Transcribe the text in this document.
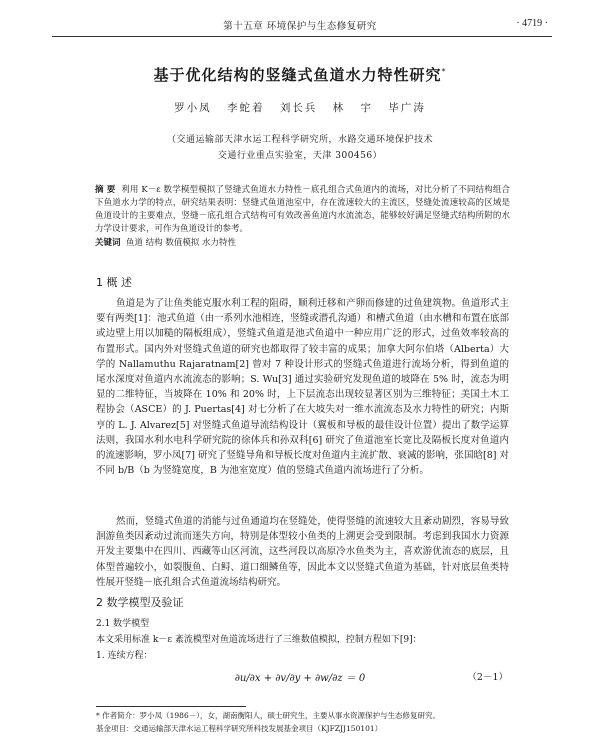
第十五章 环境保护与生态修复研究	· 4719 ·
基于优化结构的竖缝式鱼道水力特性研究*
罗小凤 李蛇着 刘长兵 林 宇 毕广涛
（交通运输部天津水运工程科学研究所，水路交通环境保护技术
交通行业重点实验室，天津 300456）
摘 要 利用 K－ε 数学模型模拟了竖缝式鱼道水力特性－底孔组合式鱼道内的流场，对比分析了不同结构组合下鱼道水力学的特点，研究结果表明：竖缝式鱼道池室中，存在流速较大的主流区，竖缝处流速较高的区域是鱼道设计的主要难点，竖缝－底孔组合式结构可有效改善鱼道内水流流态，能够较好满足竖缝式结构所附的水力学设计要求，可作为鱼道设计的参考。
关键词 鱼道 结构 数值模拟 水力特性
1 概 述
鱼道是为了让鱼类能克服水利工程的阻碍，顺利迁移和产卵而修建的过鱼建筑物。鱼道形式主要有两类[1]：池式鱼道（由一系列水池相连，竖缝或潜孔沟通）和槽式鱼道（由水槽和布置在底部或边壁上用以加糙的隔板组成），竖缝式鱼道是池式鱼道中一种应用广泛的形式，过鱼效率较高的布置形式。国内外对竖缝式鱼道的研究也都取得了较丰富的成果；加拿大阿尔伯塔（Alberta）大学的 Nallamuthu Rajaratnam[2] 曾对 7 种设计形式的竖缝式鱼道进行流场分析，得到鱼道的尾水深度对鱼道内水流流态的影响；S. Wu[3] 通过实验研究发现鱼道的坡降在 5% 时，流态为明显的二维特征，当坡降在 10% 和 20% 时，上下层流态出现较显著区别为三维特征；美国土木工程协会（ASCE）的 J. Puertas[4] 对七分析了在大坡失对一维水流流态及水力特性的研究；内斯亨的 L. J. Alvarez[5] 对竖缝式鱼道导流结构设计（翼板和导板的最佳设计位置）提出了数学运算法则，我国水利水电科学研究院的徐体兵和孙双科[6] 研究了鱼道池室长宽比及隔板长度对鱼道内的流速影响，罗小凤[7] 研究了竖缝导角和导板长度对鱼道内主流扩散、衰减的影响，张国晗[8] 对不同 b/B（b 为竖缝宽度，B 为池室宽度）值的竖缝式鱼道内流场进行了分析。
然而，竖缝式鱼道的消能与过鱼通道均在竖缝处，使得竖缝的流速较大且紊动剧烈，容易导致洄游鱼类因紊动过流而迷失方向，特别是体型较小鱼类的上溯更会受到限制。考虑到我国水力资源开发主要集中在四川、西藏等山区河流，这些河段以高原冷水鱼类为主，喜欢游优流态的底层，且体型普遍较小，如裂腹鱼、白鲟、道口细鳞鱼等，因此本文以竖缝式鱼道为基础，针对底层鱼类特性展开竖缝－底孔组合式鱼道流场结构研究。
2 数学模型及验证
2.1 数学模型
本文采用标准 k－ε 紊流模型对鱼道流场进行了三维数值模拟，控制方程如下[9]：
1. 连续方程：
∂u/∂x + ∂v/∂y + ∂w/∂z ＝ 0	（2－1）
* 作者简介：罗小凤（1986－），女，湖南衡阳人，硕士研究生，主要从事水资源保护与生态修复研究。
基金项目：交通运输部天津水运工程科学研究所科技发展基金项目（KJFZJJ150101）
